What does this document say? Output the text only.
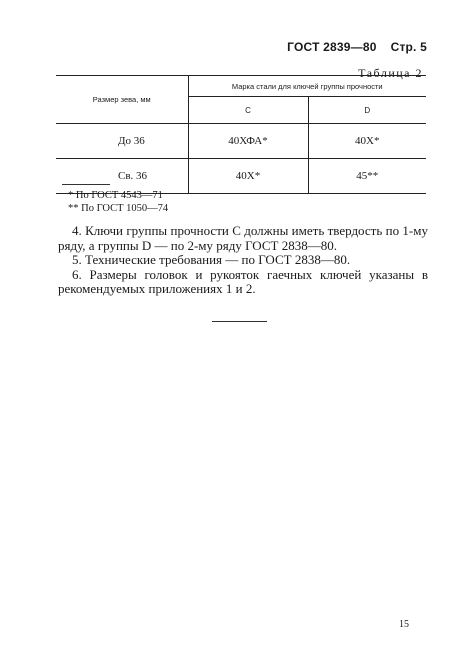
ГОСТ 2839—80 Стр. 5
Таблица 2
Размер зева, мм	Марка стали для ключей группы прочности	
	C	D
До 36	40ХФА*	40Х*
Св. 36	40Х*	45**
* По ГОСТ 4543—71
** По ГОСТ 1050—74

4. Ключи группы прочности C должны иметь твердость по 1-му ряду, а группы D — по 2-му ряду ГОСТ 2838—80.

5. Технические требования — по ГОСТ 2838—80.

6. Размеры головок и рукояток гаечных ключей указаны в рекомендуемых приложениях 1 и 2.

15
